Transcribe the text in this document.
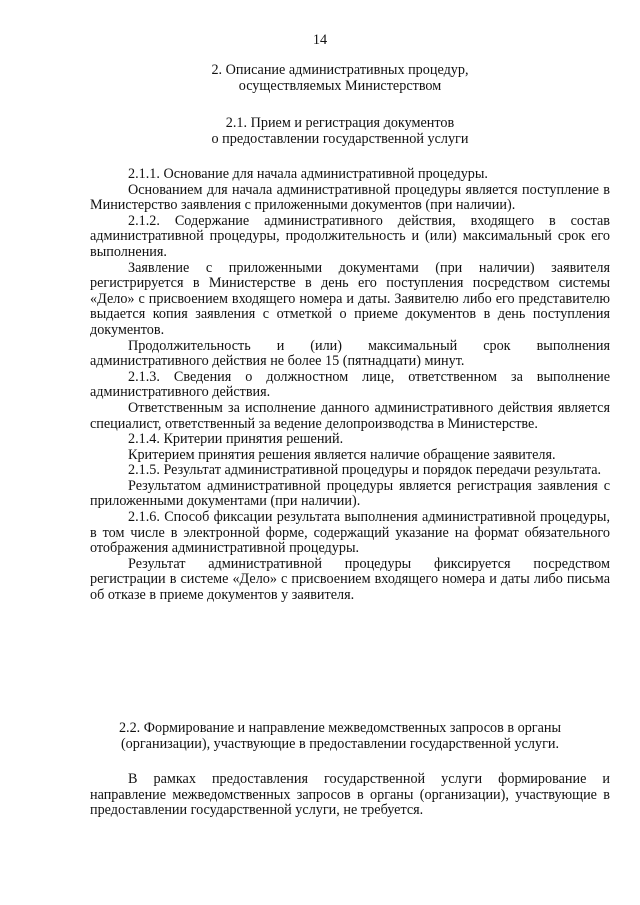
14
2. Описание административных процедур,
осуществляемых Министерством
2.1. Прием и регистрация документов
о предоставлении государственной услуги

2.1.1. Основание для начала административной процедуры.

Основанием для начала административной процедуры является поступление в Министерство заявления с приложенными документов (при наличии).

2.1.2. Содержание административного действия, входящего в состав административной процедуры, продолжительность и (или) максимальный срок его выполнения.

Заявление с приложенными документами (при наличии) заявителя регистрируется в Министерстве в день его поступления посредством системы «Дело» с присвоением входящего номера и даты. Заявителю либо его представителю выдается копия заявления с отметкой о приеме документов в день поступления документов.

Продолжительность и (или) максимальный срок выполнения административного действия не более 15 (пятнадцати) минут.

2.1.3. Сведения о должностном лице, ответственном за выполнение административного действия.

Ответственным за исполнение данного административного действия является специалист, ответственный за ведение делопроизводства в Министерстве.

2.1.4. Критерии принятия решений.

Критерием принятия решения является наличие обращение заявителя.

2.1.5. Результат административной процедуры и порядок передачи результата.

Результатом административной процедуры является регистрация заявления с приложенными документами (при наличии).

2.1.6. Способ фиксации результата выполнения административной процедуры, в том числе в электронной форме, содержащий указание на формат обязательного отображения административной процедуры.

Результат административной процедуры фиксируется посредством регистрации в системе «Дело» с присвоением входящего номера и даты либо письма об отказе в приеме документов у заявителя.

2.2. Формирование и направление межведомственных запросов в органы
(организации), участвующие в предоставлении государственной услуги.

В рамках предоставления государственной услуги формирование и направление межведомственных запросов в органы (организации), участвующие в предоставлении государственной услуги, не требуется.
